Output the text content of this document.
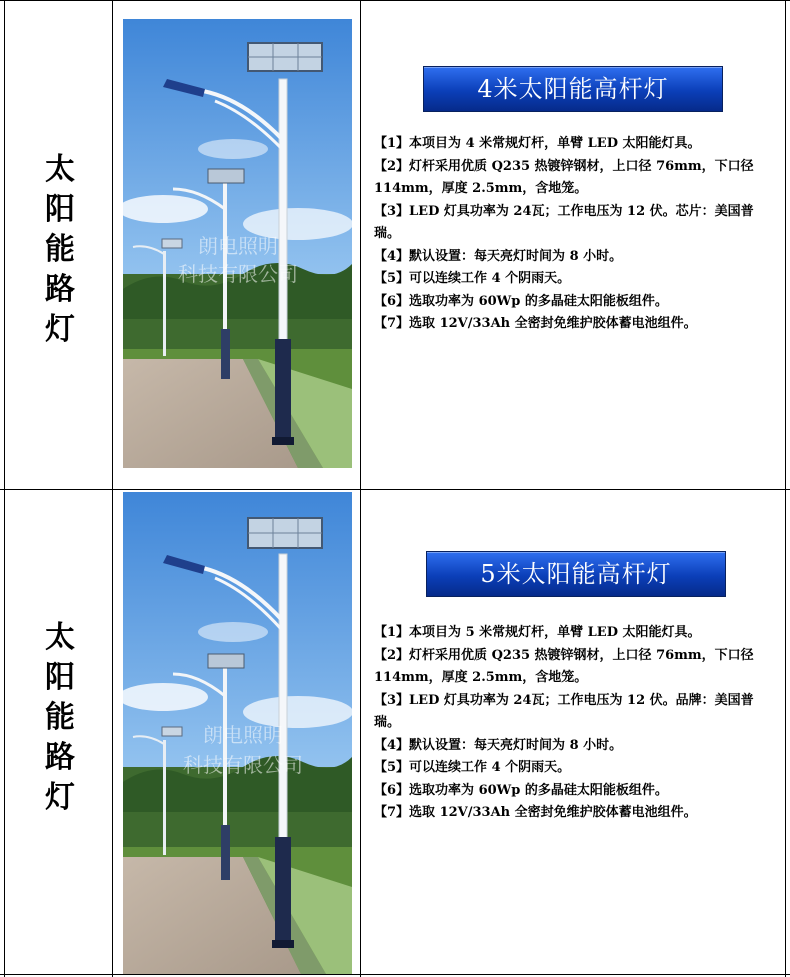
太
阳
能
路
灯
朗电照明
科技有限公司
4米太阳能高杆灯

【1】本项目为 4 米常规灯杆，单臂 LED 太阳能灯具。

【2】灯杆采用优质 Q235 热镀锌钢材，上口径 76mm，下口径 114mm，厚度 2.5mm，含地笼。

【3】LED 灯具功率为 24瓦；工作电压为 12 伏。芯片：美国普瑞。

【4】默认设置：每天亮灯时间为 8 小时。

【5】可以连续工作 4 个阴雨天。

【6】选取功率为 60Wp 的多晶硅太阳能板组件。

【7】选取 12V/33Ah 全密封免维护胶体蓄电池组件。

太
阳
能
路
灯
朗电照明
科技有限公司
5米太阳能高杆灯

【1】本项目为 5 米常规灯杆，单臂 LED 太阳能灯具。

【2】灯杆采用优质 Q235 热镀锌钢材，上口径 76mm，下口径 114mm，厚度 2.5mm，含地笼。

【3】LED 灯具功率为 24瓦；工作电压为 12 伏。品牌：美国普瑞。

【4】默认设置：每天亮灯时间为 8 小时。

【5】可以连续工作 4 个阴雨天。

【6】选取功率为 60Wp 的多晶硅太阳能板组件。

【7】选取 12V/33Ah 全密封免维护胶体蓄电池组件。
